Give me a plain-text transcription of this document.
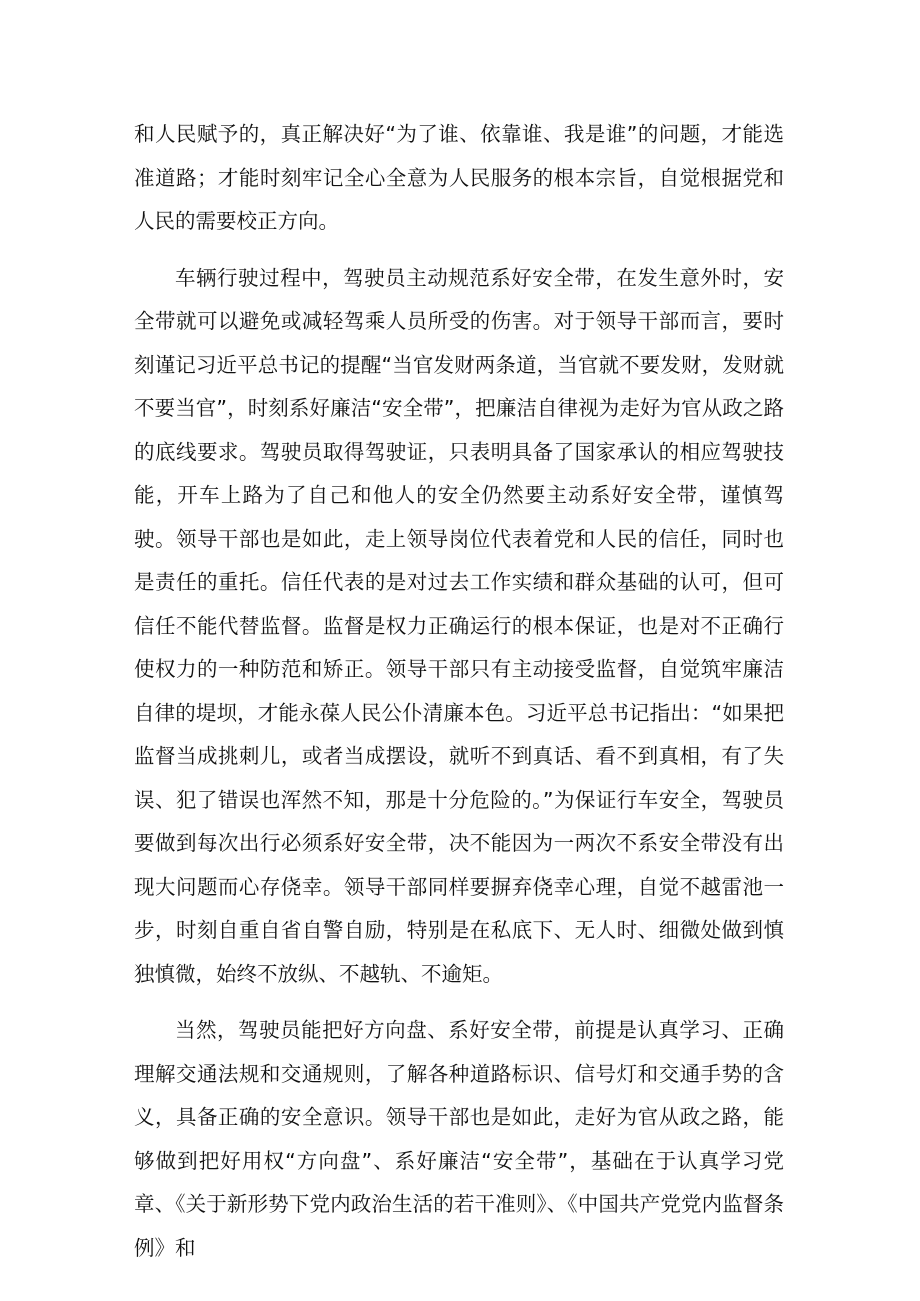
和人民赋予的，真正解决好“为了谁、依靠谁、我是谁”的问题，才能选准道路；才能时刻牢记全心全意为人民服务的根本宗旨，自觉根据党和人民的需要校正方向。

车辆行驶过程中，驾驶员主动规范系好安全带，在发生意外时，安全带就可以避免或减轻驾乘人员所受的伤害。对于领导干部而言，要时刻谨记习近平总书记的提醒“当官发财两条道，当官就不要发财，发财就不要当官”，时刻系好廉洁“安全带”，把廉洁自律视为走好为官从政之路的底线要求。驾驶员取得驾驶证，只表明具备了国家承认的相应驾驶技能，开车上路为了自己和他人的安全仍然要主动系好安全带，谨慎驾驶。领导干部也是如此，走上领导岗位代表着党和人民的信任，同时也是责任的重托。信任代表的是对过去工作实绩和群众基础的认可，但可信任不能代替监督。监督是权力正确运行的根本保证，也是对不正确行使权力的一种防范和矫正。领导干部只有主动接受监督，自觉筑牢廉洁自律的堤坝，才能永葆人民公仆清廉本色。习近平总书记指出：“如果把监督当成挑刺儿，或者当成摆设，就听不到真话、看不到真相，有了失误、犯了错误也浑然不知，那是十分危险的。”为保证行车安全，驾驶员要做到每次出行必须系好安全带，决不能因为一两次不系安全带没有出现大问题而心存侥幸。领导干部同样要摒弃侥幸心理，自觉不越雷池一步，时刻自重自省自警自励，特别是在私底下、无人时、细微处做到慎独慎微，始终不放纵、不越轨、不逾矩。

当然，驾驶员能把好方向盘、系好安全带，前提是认真学习、正确理解交通法规和交通规则，了解各种道路标识、信号灯和交通手势的含义，具备正确的安全意识。领导干部也是如此，走好为官从政之路，能够做到把好用权“方向盘”、系好廉洁“安全带”，基础在于认真学习党章、《关于新形势下党内政治生活的若干准则》、《中国共产党党内监督条例》和
